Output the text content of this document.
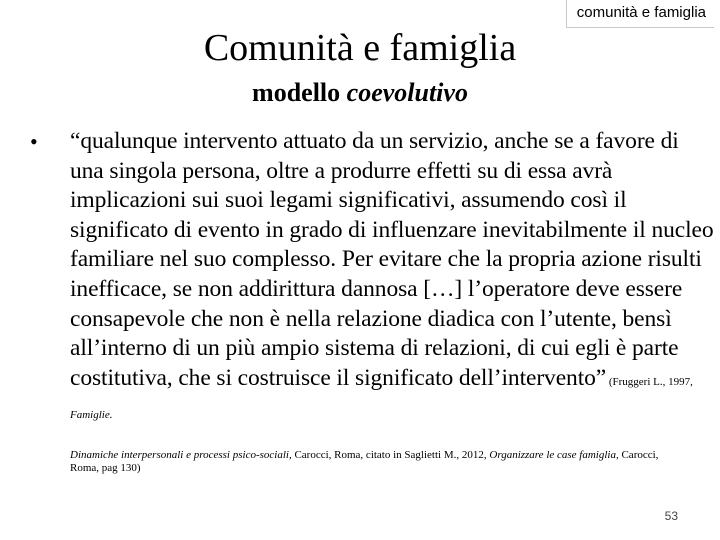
comunità e famiglia
Comunità e famiglia
modello coevolutivo
• “qualunque intervento attuato da un servizio, anche se a favore di una singola persona, oltre a produrre effetti su di essa avrà implicazioni sui suoi legami significativi, assumendo così il significato di evento in grado di influenzare inevitabilmente il nucleo familiare nel suo complesso. Per evitare che la propria azione risulti inefficace, se non addirittura dannosa […] l’operatore deve essere consapevole che non è nella relazione diadica con l’utente, bensì all’interno di un più ampio sistema di relazioni, di cui egli è parte costitutiva, che si costruisce il significato dell’intervento” (Fruggeri L., 1997, Famiglie.

Dinamiche interpersonali e processi psico-sociali, Carocci, Roma, citato in Saglietti M., 2012, Organizzare le case famiglia, Carocci, Roma, pag 130)

53
